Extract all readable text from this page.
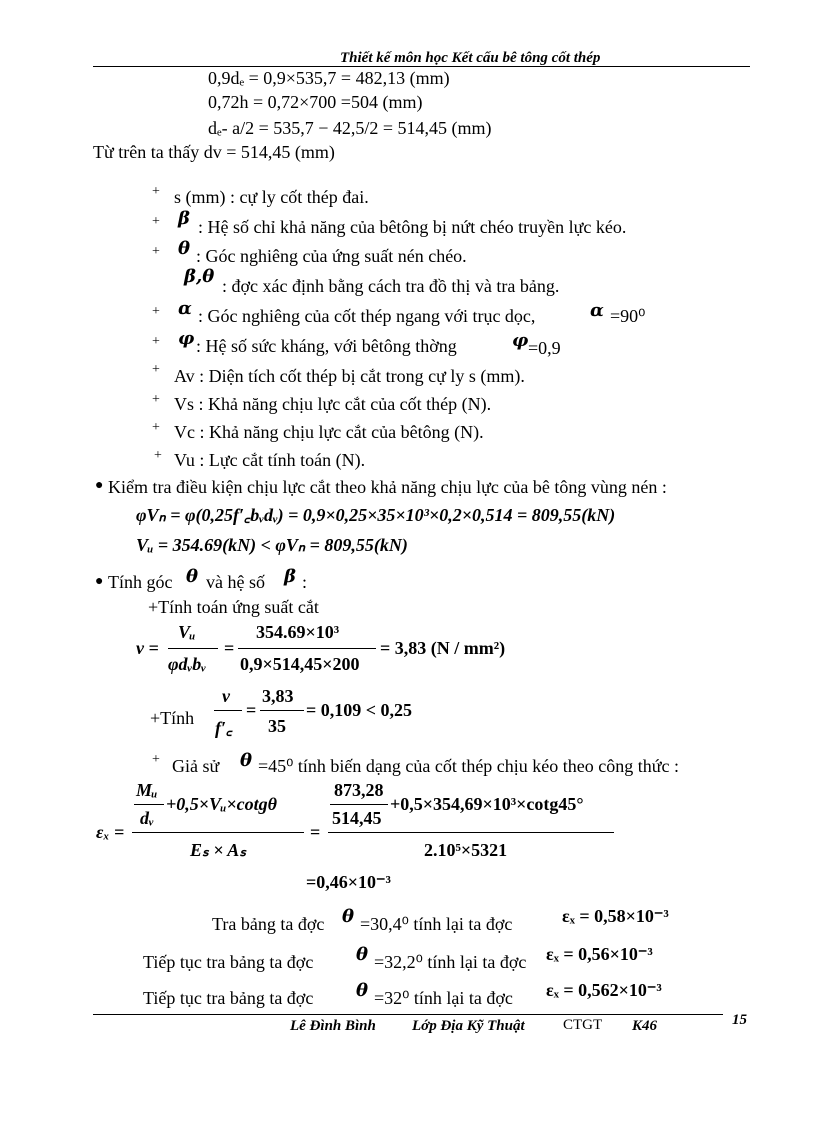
Thiết kế môn học Kết cấu bê tông cốt thép
0,9dₑ = 0,9×535,7 = 482,13 (mm)
0,72h = 0,72×700 =504 (mm)
dₑ- a/2 = 535,7 − 42,5/2 = 514,45 (mm)
Từ trên ta thấy dv = 514,45 (mm)
+ s (mm) : cự ly cốt thép đai.
+ β : Hệ số chỉ khả năng của bêtông bị nứt chéo truyền lực kéo.
+ θ : Góc nghiêng của ứng suất nén chéo.
β,θ : đợc xác định bằng cách tra đồ thị và tra bảng.
+ α : Góc nghiêng của cốt thép ngang với trục dọc,	α =90⁰
+ φ : Hệ số sức kháng, với bêtông thờng	φ =0,9
+ Av : Diện tích cốt thép bị cắt trong cự ly s (mm).
+ Vs : Khả năng chịu lực cắt của cốt thép (N).
+ Vc : Khả năng chịu lực cắt của bêtông (N).
+ Vu : Lực cắt tính toán (N).
● Kiểm tra điều kiện chịu lực cắt theo khả năng chịu lực của bê tông vùng nén :
φVₙ = φ(0,25f′꜀bᵥdᵥ) = 0,9×0,25×35×10³×0,2×0,514 = 809,55(kN)
Vᵤ = 354.69(kN) < φVₙ = 809,55(kN)
● Tính góc θ và hệ số β :
+Tính toán ứng suất cắt
v =
Vᵤ
φdᵥbᵥ
=
354.69×10³
0,9×514,45×200
= 3,83 (N / mm²)
+Tính
v
f′꜀
=
3,83
35
= 0,109 < 0,25
+ Giả sử θ =45⁰ tính biến dạng của cốt thép chịu kéo theo công thức :
εₓ =
Mᵤ
dᵥ
+0,5×Vᵤ×cotgθ
Eₛ × Aₛ
=
873,28
514,45
+0,5×354,69×10³×cotg45°
2.10⁵×5321
=0,46×10⁻³
Tra bảng ta đợc θ =30,4⁰ tính lại ta đợc	εₓ = 0,58×10⁻³
Tiếp tục tra bảng ta đợc θ =32,2⁰ tính lại ta đợc εₓ = 0,56×10⁻³
Tiếp tục tra bảng ta đợc θ =32⁰ tính lại ta đợc εₓ = 0,562×10⁻³
Lê Đình Bình Lớp Địa Kỹ Thuật	CTGT K46	15
